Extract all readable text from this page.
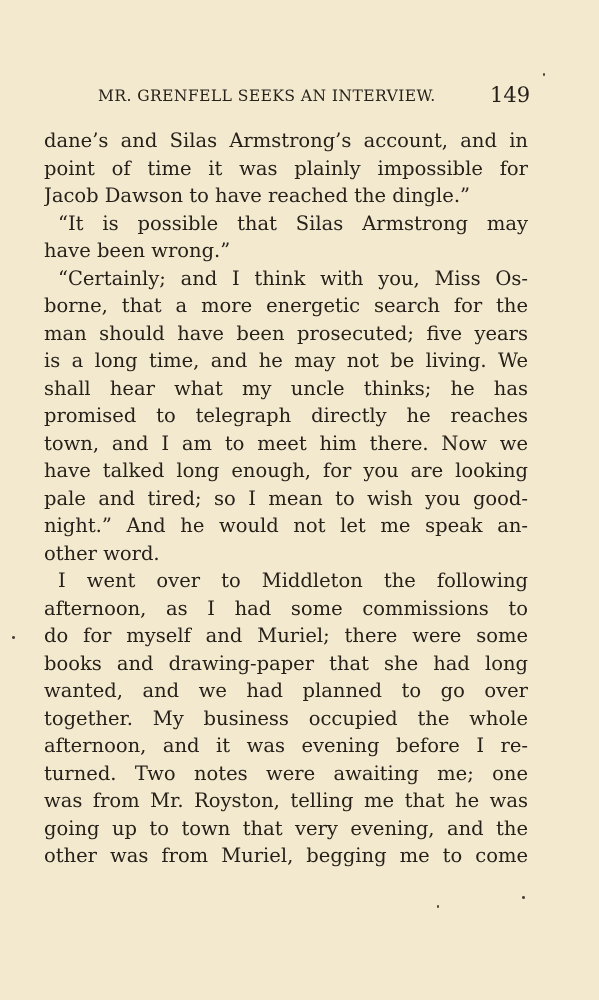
MR. GRENFELL SEEKS AN INTERVIEW.	149
dane’s and Silas Armstrong’s account, and in
point of time it was plainly impossible for
Jacob Dawson to have reached the dingle.”
“It is possible that Silas Armstrong may
have been wrong.”
“Certainly; and I think with you, Miss Os-
borne, that a more energetic search for the
man should have been prosecuted; five years
is a long time, and he may not be living. We
shall hear what my uncle thinks; he has
promised to telegraph directly he reaches
town, and I am to meet him there. Now we
have talked long enough, for you are looking
pale and tired; so I mean to wish you good-
night.” And he would not let me speak an-
other word.
I went over to Middleton the following
afternoon, as I had some commissions to
do for myself and Muriel; there were some
books and drawing-paper that she had long
wanted, and we had planned to go over
together. My business occupied the whole
afternoon, and it was evening before I re-
turned. Two notes were awaiting me; one
was from Mr. Royston, telling me that he was
going up to town that very evening, and the
other was from Muriel, begging me to come
